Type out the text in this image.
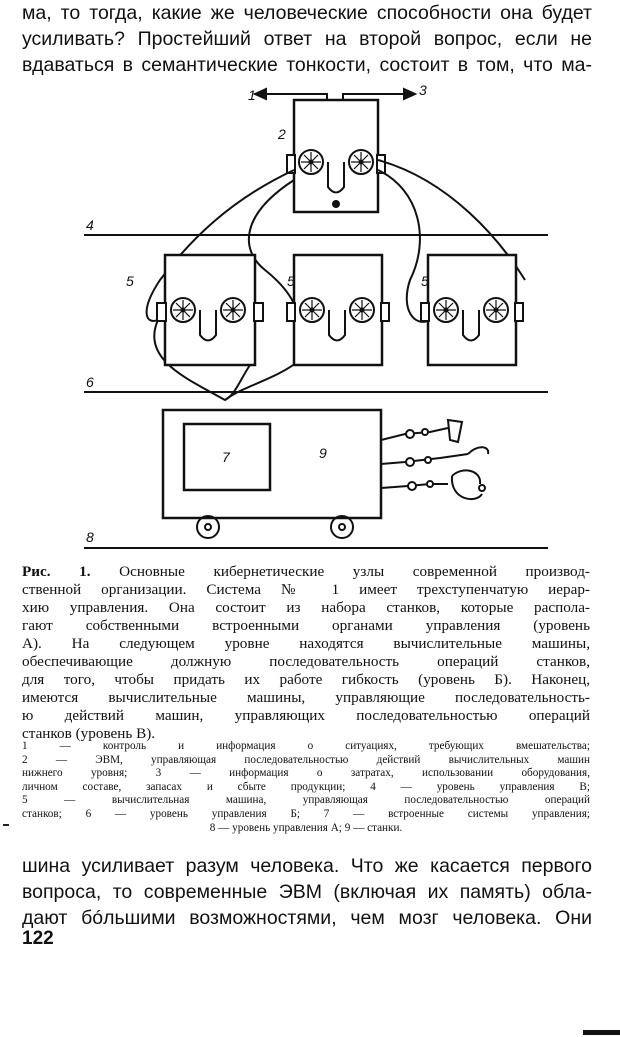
ма, то тогда, какие же человеческие способности она будет
усиливать? Простейший ответ на второй вопрос, если не
вдаваться в семантические тонкости, состоит в том, что ма-

1	3
2
4
5	5	5
6
7	9
8

Рис. 1. Основные кибернетические узлы современной производ-
ственной организации. Система № 1 имеет трехступенчатую иерар-
хию управления. Она состоит из набора станков, которые распола-
гают собственными встроенными органами управления (уровень
А). На следующем уровне находятся вычислительные машины,
обеспечивающие должную последовательность операций станков,
для того, чтобы придать их работе гибкость (уровень Б). Наконец,
имеются вычислительные машины, управляющие последовательность-
ю действий машин, управляющих последовательностью операций
станков (уровень В).

1 — контроль и информация о ситуациях, требующих вмешательства;
2 — ЭВМ, управляющая последовательностью действий вычислительных машин
нижнего уровня; 3 — информация о затратах, использовании оборудования,
личном составе, запасах и сбыте продукции; 4 — уровень управления В;
5 — вычислительная машина, управляющая последовательностью операций
станков; 6 — уровень управления Б; 7 — встроенные системы управления;
8 — уровень управления А; 9 — станки.

шина усиливает разум человека. Что же касается первого
вопроса, то современные ЭВМ (включая их память) обла-
дают бóльшими возможностями, чем мозг человека. Они

122
